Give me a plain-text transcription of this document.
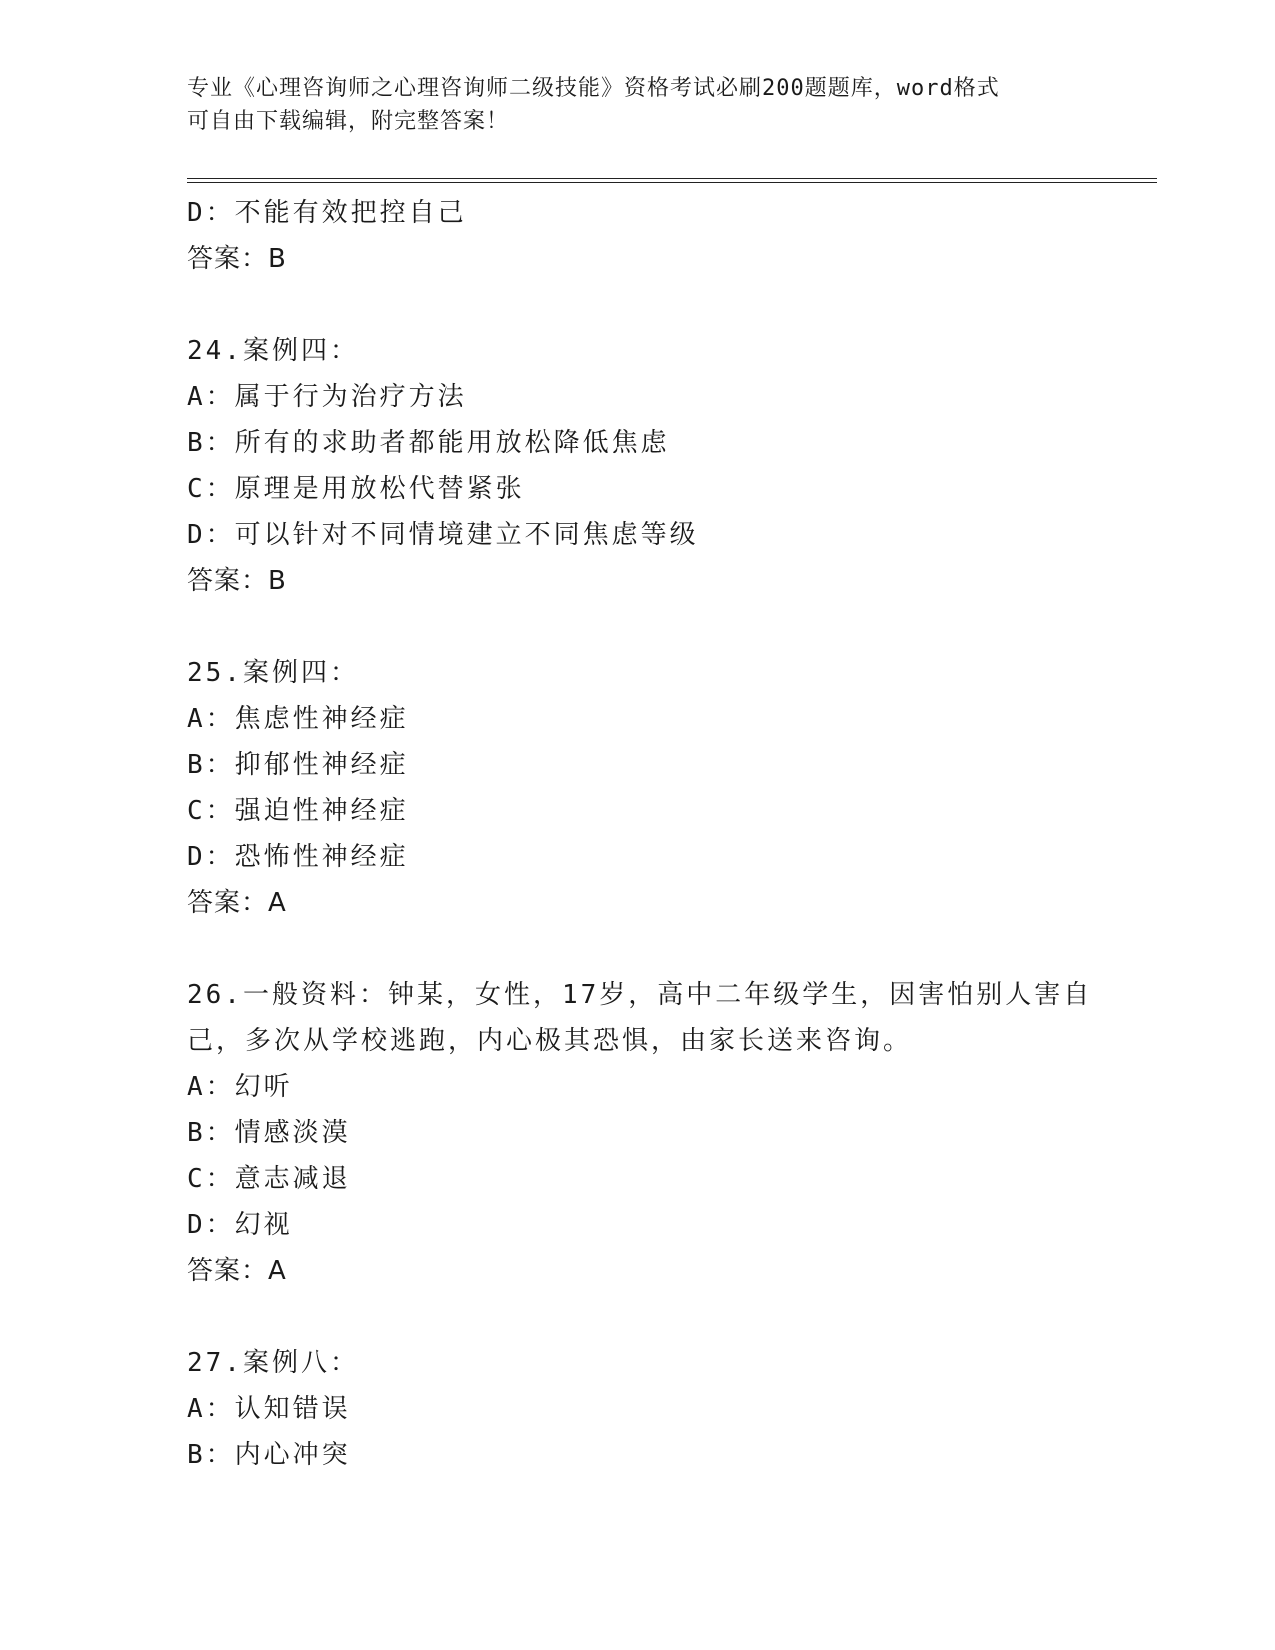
专业《心理咨询师之心理咨询师二级技能》资格考试必刷200题题库，word格式
可自由下载编辑，附完整答案！
D：不能有效把控自己
答案：B
24.案例四：
A：属于行为治疗方法
B：所有的求助者都能用放松降低焦虑
C：原理是用放松代替紧张
D：可以针对不同情境建立不同焦虑等级
答案：B
25.案例四：
A：焦虑性神经症
B：抑郁性神经症
C：强迫性神经症
D：恐怖性神经症
答案：A
26.一般资料：钟某，女性，17岁，高中二年级学生，因害怕别人害自
己，多次从学校逃跑，内心极其恐惧，由家长送来咨询。
A：幻听
B：情感淡漠
C：意志减退
D：幻视
答案：A
27.案例八：
A：认知错误
B：内心冲突
